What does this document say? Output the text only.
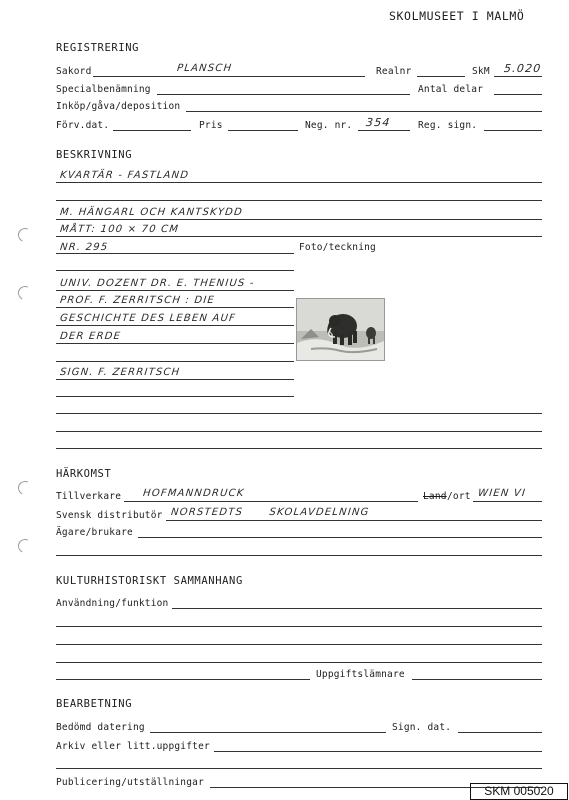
SKOLMUSEET I MALMÖ
REGISTRERING
Sakord	PLANSCH	Realnr	SkM 5.020
Specialbenämning	Antal delar
Inköp/gåva/deposition
Förv.dat.	Pris	Neg. nr. 354	Reg. sign.
BESKRIVNING
KVARTÄR - FASTLAND
M. HÄNGARL OCH KANTSKYDD
MÅTT: 100 × 70 CM
NR. 295	Foto/teckning
UNIV. DOZENT DR. E. THENIUS -
PROF. F. ZERRITSCH : DIE
GESCHICHTE DES LEBEN AUF
DER ERDE
SIGN. F. ZERRITSCH
HÄRKOMST
Tillverkare HOFMANNDRUCK	Land /ort WIEN VI
Svensk distributör NORSTEDTS SKOLAVDELNING
Ägare/brukare
KULTURHISTORISKT SAMMANHANG
Användning/funktion
Uppgiftslämnare
BEARBETNING
Bedömd datering	Sign. dat.
Arkiv eller litt.uppgifter
Publicering/utställningar
SKM 005020
